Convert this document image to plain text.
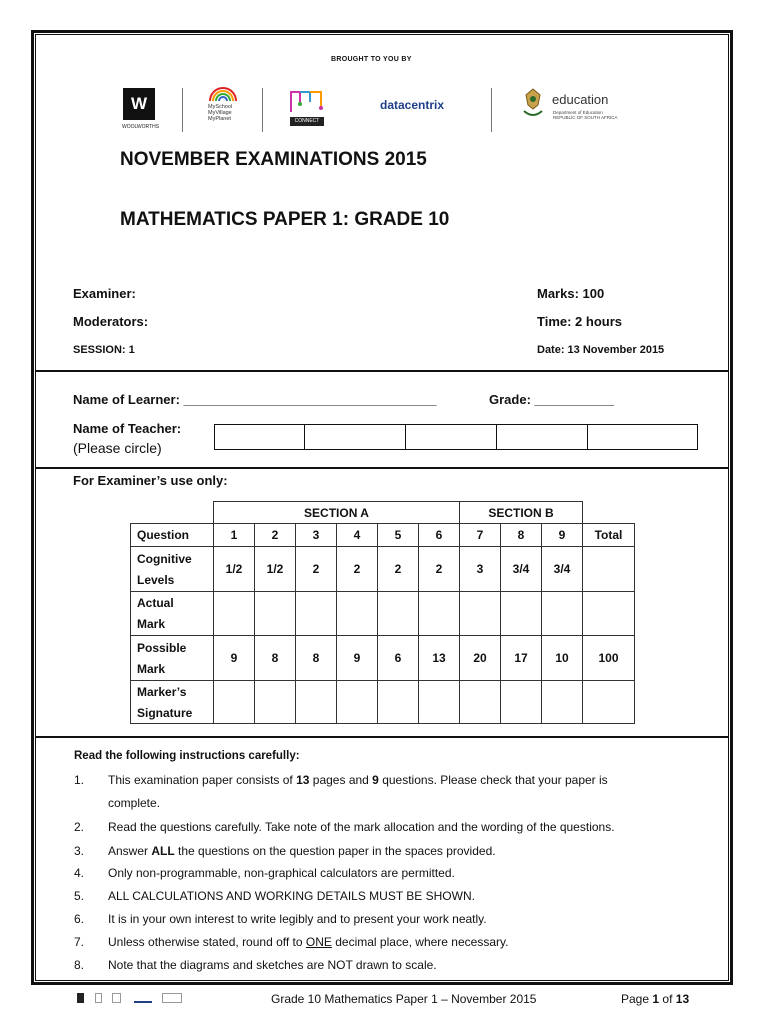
BROUGHT TO YOU BY
W
WOOLWORTHS
MySchool
MyVillage
MyPlanet	CONNECT
datacentrix	education
Department of Education
REPUBLIC OF SOUTH AFRICA
NOVEMBER EXAMINATIONS 2015
MATHEMATICS PAPER 1: GRADE 10
Examiner:
Moderators:
SESSION: 1
Marks: 100
Time: 2 hours
Date: 13 November 2015
Name of Learner: ___________________________________	Grade: ___________
Name of Teacher:
(Please circle)
For Examiner’s use only:
	SECTION A						SECTION B			
Question	1	2	3	4	5	6	7	8	9	Total

Cognitive
Levels	1/2	1/2	2	2	2	2	3	3/4	3/4	

Actual
Mark										

Possible
Mark	9	8	8	9	6	13	20	17	10	100

Marker’s
Signature										

Read the following instructions carefully:
1. This examination paper consists of 13 pages and 9 questions. Please check that your paper is
complete.
2. Read the questions carefully. Take note of the mark allocation and the wording of the questions.
3. Answer ALL the questions on the question paper in the spaces provided.
4. Only non-programmable, non-graphical calculators are permitted.
5. ALL CALCULATIONS AND WORKING DETAILS MUST BE SHOWN.
6. It is in your own interest to write legibly and to present your work neatly.
7. Unless otherwise stated, round off to ONE decimal place, where necessary.
8. Note that the diagrams and sketches are NOT drawn to scale.
Grade 10 Mathematics Paper 1 – November 2015	Page 1 of 13
